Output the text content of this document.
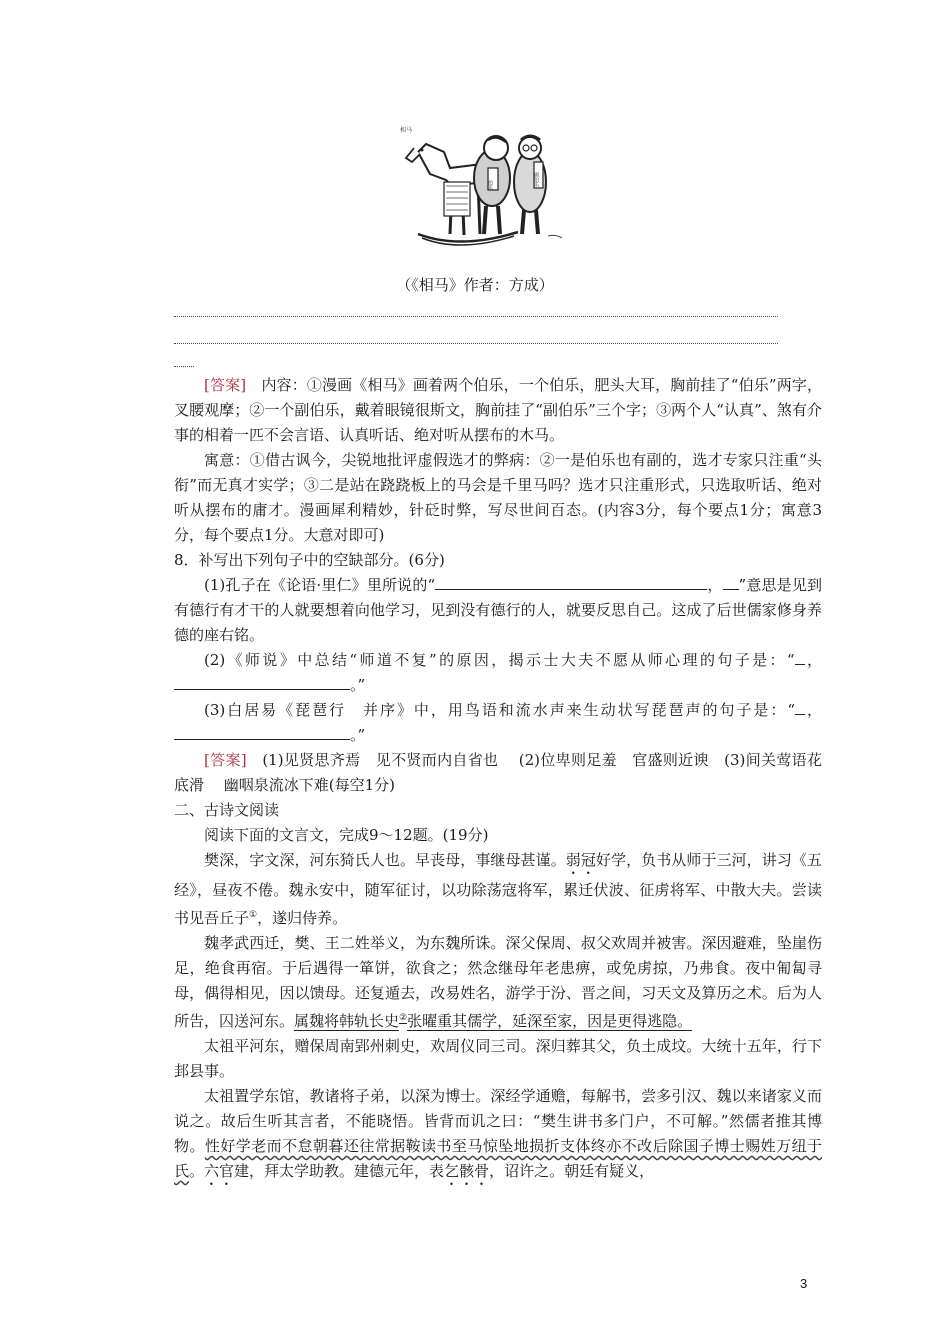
相马
伯乐	副伯乐
（《相马》作者：方成）

[答案]　 内容：①漫画《相马》画着两个伯乐，一个伯乐，肥头大耳，胸前挂了“伯乐”两字，叉腰观摩；②一个副伯乐，戴着眼镜很斯文，胸前挂了“副伯乐”三个字；③两个人“认真”、煞有介事的相着一匹不会言语、认真听话、绝对听从摆布的木马。

寓意：①借古讽今，尖锐地批评虚假选才的弊病：②一是伯乐也有副的，选才专家只注重“头衔”而无真才实学；③二是站在跷跷板上的马会是千里马吗？选才只注重形式，只选取听话、绝对听从摆布的庸才。漫画犀利精妙，针砭时弊，写尽世间百态。(内容3分，每个要点1分；寓意3分，每个要点1分。大意对即可)

8．补写出下列句子中的空缺部分。(6分)

(1)孔子在《论语·里仁》里所说的“	， ”意思是见到有德行有才干的人就要想着向他学习，见到没有德行的人，就要反思自己。这成了后世儒家修身养德的座右铭。

(2)《师说》中总结“师道不复”的原因，揭示士大夫不愿从师心理的句子是：“ ，。”

(3)白居易《琵琶行　并序》中，用鸟语和流水声来生动状写琵琶声的句子是：“ ，。”

[答案]　 (1)见贤思齐焉　见不贤而内自省也　 (2)位卑则足羞　官盛则近谀　(3)间关莺语花底滑　 幽咽泉流冰下难(每空1分)

二、古诗文阅读

阅读下面的文言文，完成9～12题。(19分)

樊深，字文深，河东猗氏人也。早丧母，事继母甚谨。弱冠好学，负书从师于三河，讲习《五经》，昼夜不倦。魏永安中，随军征讨，以功除荡寇将军，累迁伏波、征虏将军、中散大夫。尝读书见吾丘子①，遂归侍养。

魏孝武西迁，樊、王二姓举义，为东魏所诛。深父保周、叔父欢周并被害。深因避难，坠崖伤足，绝食再宿。于后遇得一箪饼，欲食之；然念继母年老患痹，或免虏掠，乃弗食。夜中匍匐寻母，偶得相见，因以馈母。还复遁去，改易姓名，游学于汾、晋之间，习天文及算历之术。后为人所告，囚送河东。属魏将韩轨长史②张曜重其儒学，延深至家，因是更得逃隐。

太祖平河东，赠保周南郢州刺史，欢周仪同三司。深归葬其父，负土成坟。大统十五年，行下邽县事。

太祖置学东馆，教诸将子弟，以深为博士。深经学通赡，每解书，尝多引汉、魏以来诸家义而说之。故后生听其言者，不能晓悟。皆背而讥之曰：“樊生讲书多门户，不可解。”然儒者推其博物。性好学老而不怠朝暮还往常据鞍读书至马惊坠地损折支体终亦不改后除国子博士赐姓万纽于氏。六官建，拜太学助教。建德元年，表乞骸骨，诏许之。朝廷有疑义，

3
